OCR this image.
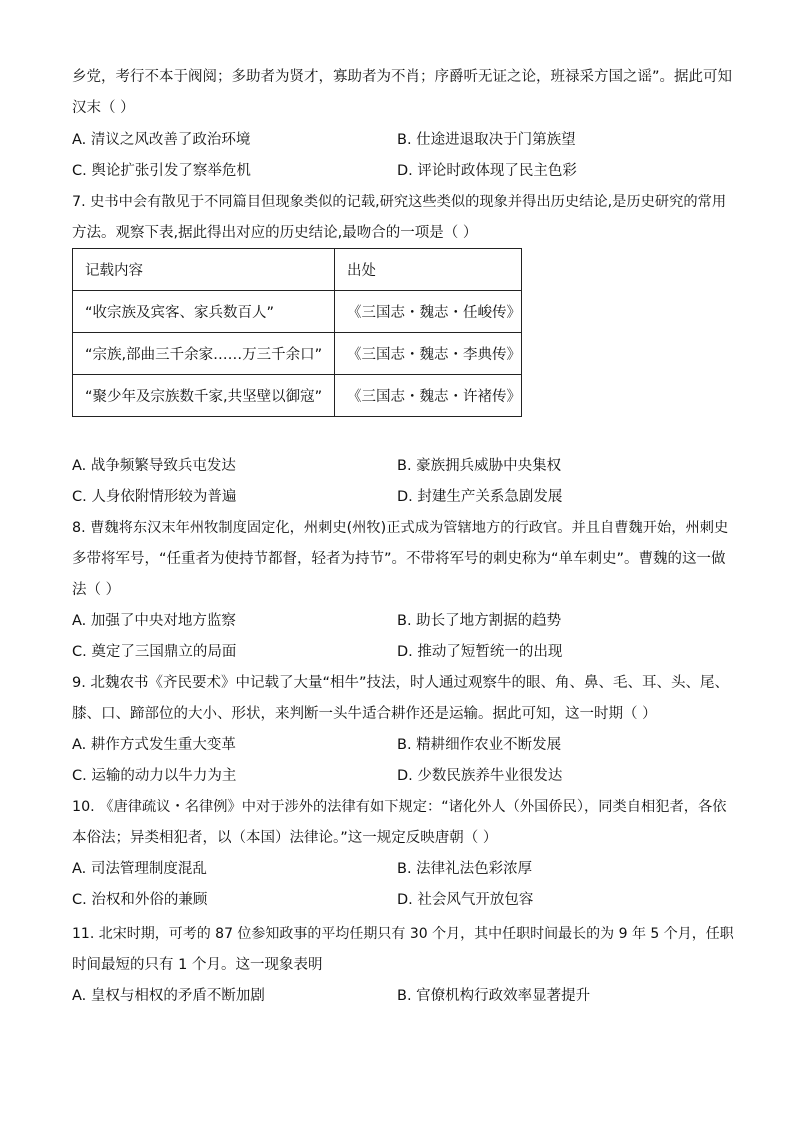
乡党，考行不本于阀阅；多助者为贤才，寡助者为不肖；序爵听无证之论，班禄采方国之谣”。据此可知
汉末（ ）
A. 清议之风改善了政治环境	B. 仕途进退取决于门第族望
C. 舆论扩张引发了察举危机	D. 评论时政体现了民主色彩
7. 史书中会有散见于不同篇目但现象类似的记载,研究这些类似的现象并得出历史结论,是历史研究的常用
方法。观察下表,据此得出对应的历史结论,最吻合的一项是（ ）
记载内容	出处
“收宗族及宾客、家兵数百人”	《三国志・魏志・任峻传》
“宗族,部曲三千余家……万三千余口”	《三国志・魏志・李典传》
“聚少年及宗族数千家,共坚壁以御寇”	《三国志・魏志・许褚传》
A. 战争频繁导致兵屯发达	B. 豪族拥兵威胁中央集权
C. 人身依附情形较为普遍	D. 封建生产关系急剧发展
8. 曹魏将东汉末年州牧制度固定化，州刺史(州牧)正式成为管辖地方的行政官。并且自曹魏开始，州刺史
多带将军号，“任重者为使持节都督，轻者为持节”。不带将军号的刺史称为“单车刺史”。曹魏的这一做
法（ ）
A. 加强了中央对地方监察	B. 助长了地方割据的趋势
C. 奠定了三国鼎立的局面	D. 推动了短暂统一的出现
9. 北魏农书《齐民要术》中记载了大量“相牛”技法，时人通过观察牛的眼、角、鼻、毛、耳、头、尾、
膝、口、蹄部位的大小、形状，来判断一头牛适合耕作还是运输。据此可知，这一时期（ ）
A. 耕作方式发生重大变革	B. 精耕细作农业不断发展
C. 运输的动力以牛力为主	D. 少数民族养牛业很发达
10. 《唐律疏议・名律例》中对于涉外的法律有如下规定：“诸化外人（外国侨民），同类自相犯者，各依
本俗法；异类相犯者，以（本国）法律论。”这一规定反映唐朝（ ）
A. 司法管理制度混乱	B. 法律礼法色彩浓厚
C. 治权和外俗的兼顾	D. 社会风气开放包容
11. 北宋时期，可考的 87 位参知政事的平均任期只有 30 个月，其中任职时间最长的为 9 年 5 个月，任职
时间最短的只有 1 个月。这一现象表明
A. 皇权与相权的矛盾不断加剧	B. 官僚机构行政效率显著提升
